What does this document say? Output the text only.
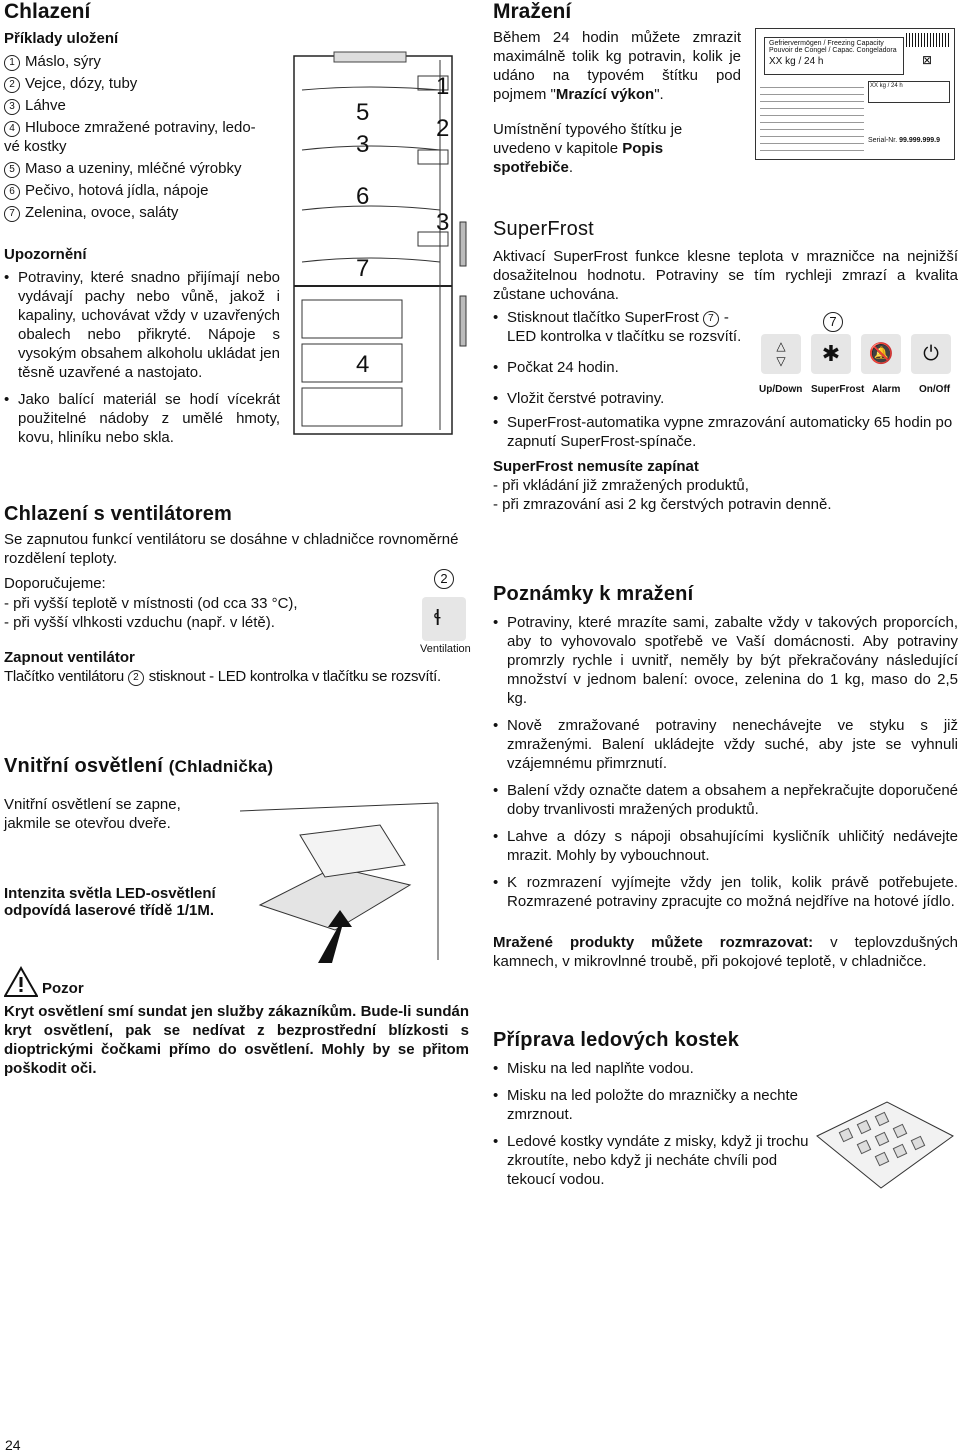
Chlazení

Příklady uložení

1 Máslo, sýry
2 Vejce, dózy, tuby
3 Láhve
4 Hluboce zmražené potraviny, ledo-
vé kostky
5 Maso a uzeniny, mléčné výrobky
6 Pečivo, hotová jídla, nápoje
7 Zelenina, ovoce, saláty

Upozornění

• Potraviny, které snadno přijímají nebo vydávají pachy nebo vůně, jakož i kapaliny, uchovávat vždy v uzavřených obalech nebo přikryté. Nápoje s vysokým obsahem alkoholu ukládat jen těsně uzavřené a nastojato.
• Jako balící materiál se hodí vícekrát použitelné nádoby z umělé hmoty, kovu, hliníku nebo skla.
1
2
3
4
5
3
6
7
Chlazení s ventilátorem

Se zapnutou funkcí ventilátoru se dosáhne v chladničce rovnoměrné rozdělení teploty.

Doporučujeme:

- při vyšší teplotě v místnosti (od cca 33 °C),

- při vyšší vlhkosti vzduchu (např. v létě).

2
ɬ
Ventilation

Zapnout ventilátor

Tlačítko ventilátoru 2 stisknout - LED kontrolka v tlačítku se rozsvítí.

Vnitřní osvětlení (Chladnička)

Vnitřní osvětlení se zapne, jakmile se otevřou dveře.

Intenzita světla LED-osvětlení odpovídá laserové třídě 1/1M.

Pozor

Kryt osvětlení smí sundat jen služby zákazníkům. Bude-li sundán kryt osvětlení, pak se nedívat z bezprostřední blízkosti s dioptrickými čočkami přímo do osvětlení. Mohly by se přitom poškodit oči.

Mražení

Během 24 hodin můžete zmrazit maximálně tolik kg potravin, kolik je udáno na typovém štítku pod pojmem "Mrazící výkon".

Umístnění typového štítku je uvedeno v kapitole Popis spotřebiče.

Gefriervermögen / Freezing Capacity
Pouvoir de Congel / Capac. Congeladora
XX kg / 24 h	⊠
XX kg / 24 h
Serial-Nr. 99.999.999.9
SuperFrost

Aktivací SuperFrost funkce klesne teplota v mrazničce na nejnižší dosažitelnou hodnotu. Potraviny se tím rychleji zmrazí a kvalita zůstane uchována.

• Stisknout tlačítko SuperFrost 7 - LED kontrolka v tlačítku se rozsvítí.
• Počkat 24 hodin.
• Vložit čerstvé potraviny.
7
△
▽	✱	🔕	⏻
Up/Down SuperFrost Alarm On/Off
• SuperFrost-automatika vypne zmrazování automaticky 65 hodin po zapnutí SuperFrost-spínače.

SuperFrost nemusíte zapínat

- při vkládání již zmražených produktů,

- při zmrazování asi 2 kg čerstvých potravin denně.

Poznámky k mražení
• Potraviny, které mrazíte sami, zabalte vždy v takových proporcích, aby to vyhovovalo spotřebě ve Vaší domácnosti. Aby potraviny promrzly rychle i uvnitř, neměly by být překračovány následující množství v jednom balení: ovoce, zelenina do 1 kg, maso do 2,5 kg.
• Nově zmražované potraviny nenechávejte ve styku s již zmraženými. Balení ukládejte vždy suché, aby jste se vyhnuli vzájemnému přimrznutí.
• Balení vždy označte datem a obsahem a nepřekračujte doporučené doby trvanlivosti mražených produktů.
• Lahve a dózy s nápoji obsahujícími kysličník uhličitý nedávejte mrazit. Mohly by vybouchnout.
• K rozmrazení vyjímejte vždy jen tolik, kolik právě potřebujete. Rozmrazené potraviny zpracujte co možná nejdříve na hotové jídlo.

Mražené produkty můžete rozmrazovat: v teplovzdušných kamnech, v mikrovlnné troubě, při pokojové teplotě, v chladničce.

Příprava ledových kostek
• Misku na led naplňte vodou.
• Misku na led položte do mrazničky a nechte zmrznout.
• Ledové kostky vyndáte z misky, když ji trochu zkroutíte, nebo když ji necháte chvíli pod tekoucí vodou.
24
